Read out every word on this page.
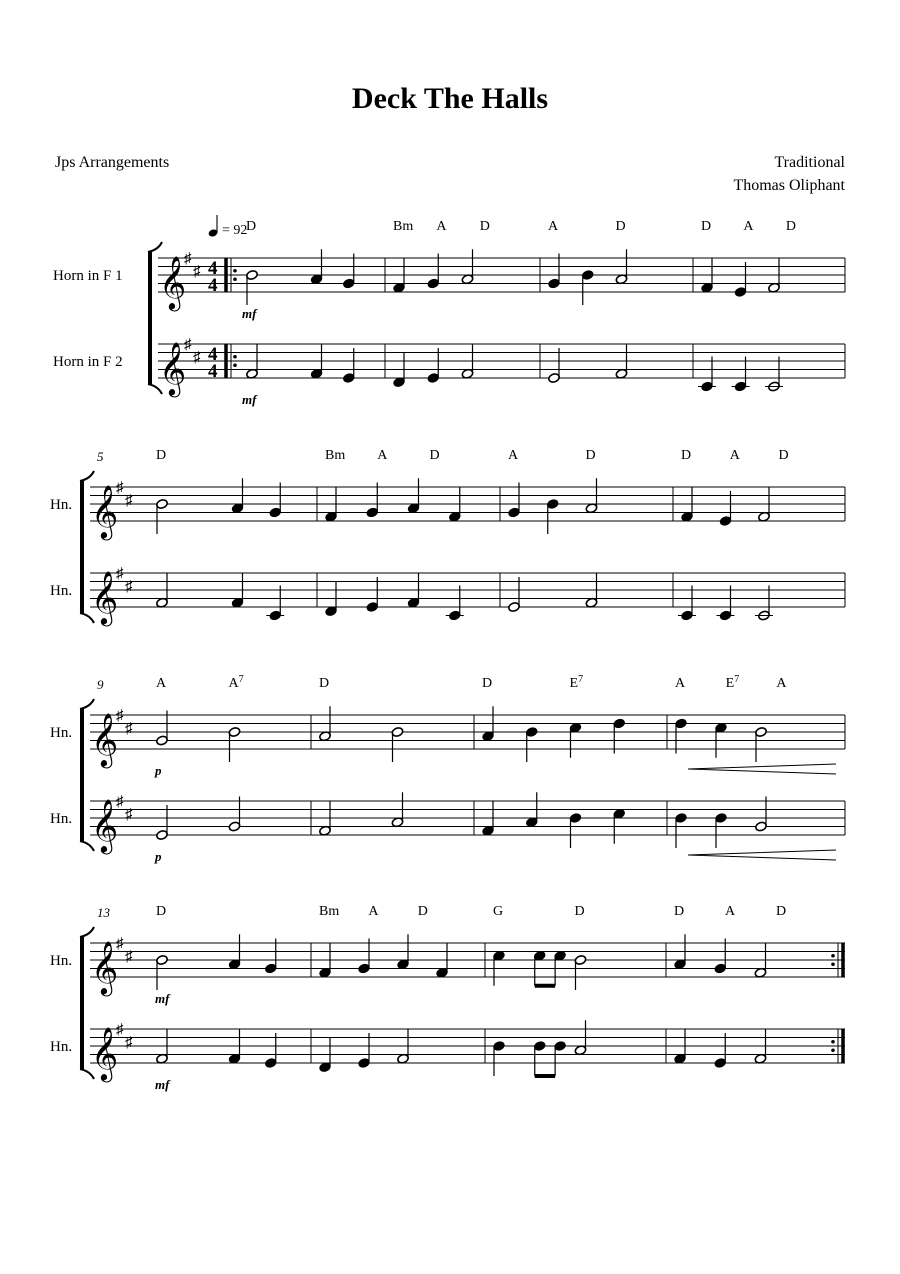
Deck The Halls
Jps Arrangements	Traditional
Thomas Oliphant
𝄞
♯
♯
Horn in F 1	4
4
𝄞
♯
♯
Horn in F 2	4
4
D	Bm A D	A	D	D A D
mf
mf
𝄞
♯
♯
Hn.
𝄞
♯
♯
Hn.
D	Bm A	D	A	D	D	A	D
5
𝄞
♯
♯
Hn.
𝄞
♯
♯
Hn.
A	$A^7$	D	D	$E^7$	A	$E^7$	A
9
p
p
𝄞
♯
♯
Hn.
𝄞
♯
♯
Hn.
D	Bm A	D	G	D	D	A	D
13
mf
mf
= 92
